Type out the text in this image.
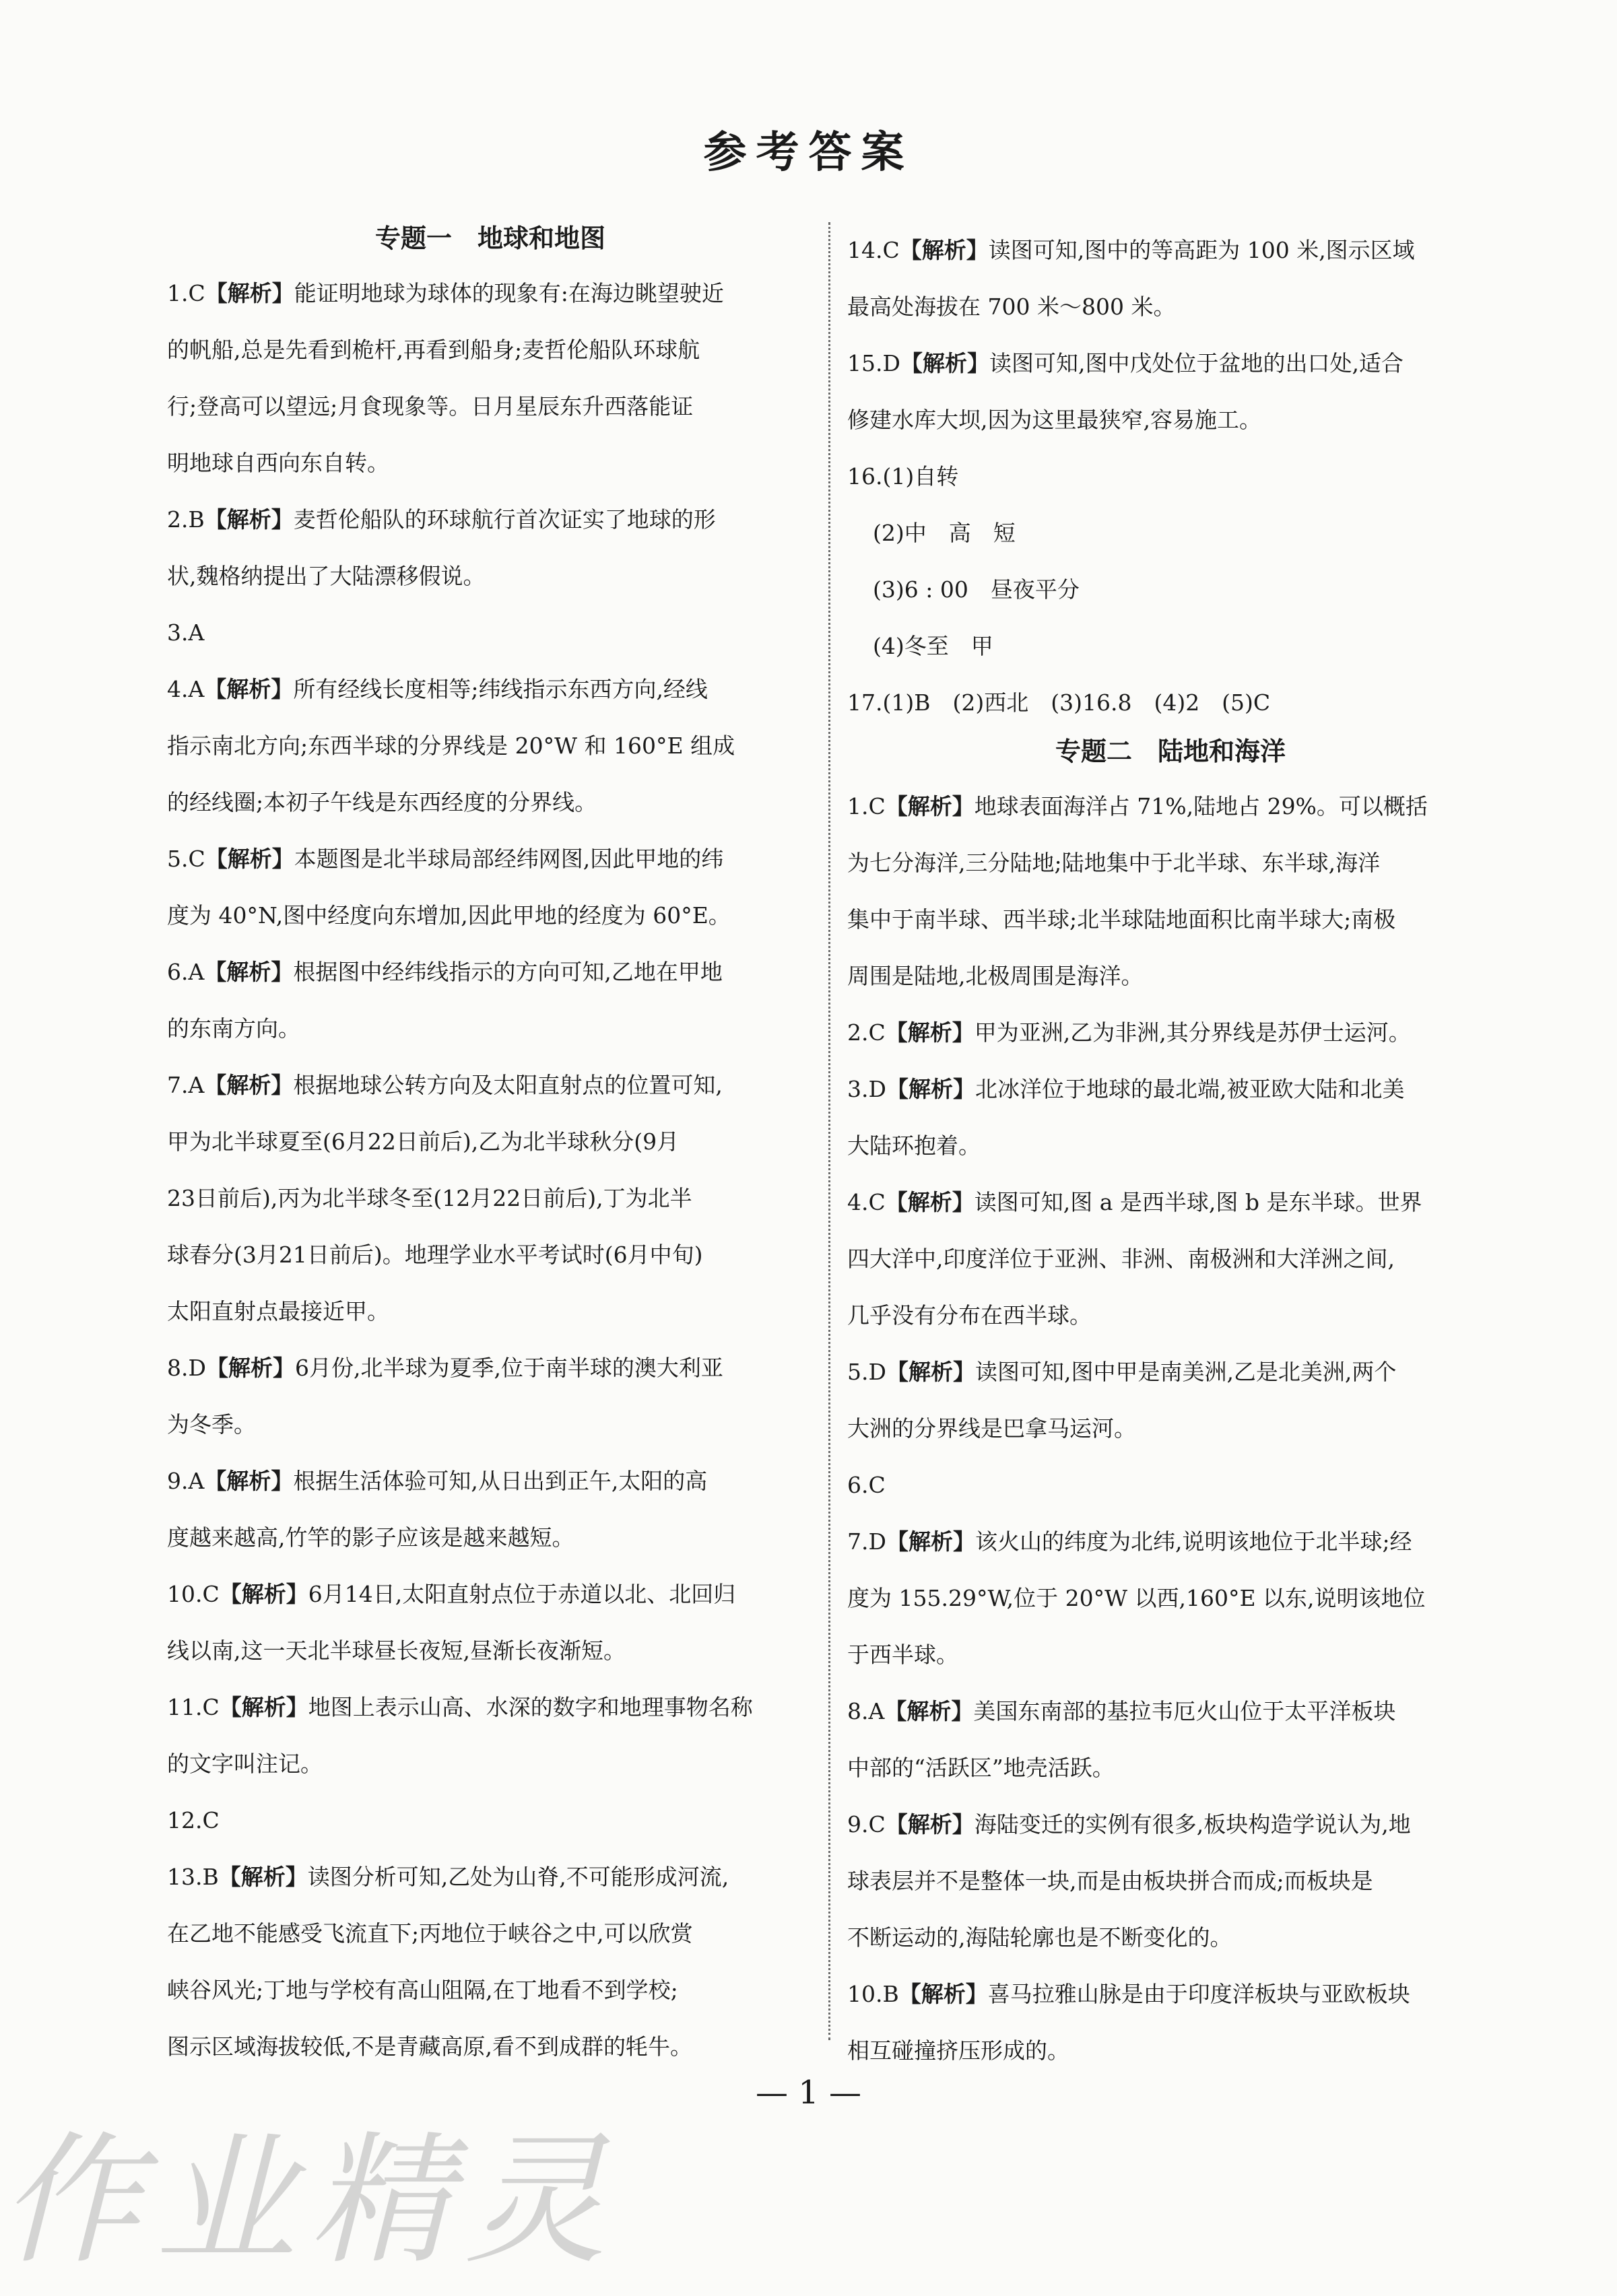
参考答案

专题一　地球和地图

1.C【解析】能证明地球为球体的现象有:在海边眺望驶近

的帆船,总是先看到桅杆,再看到船身;麦哲伦船队环球航

行;登高可以望远;月食现象等。日月星辰东升西落能证

明地球自西向东自转。

2.B【解析】麦哲伦船队的环球航行首次证实了地球的形

状,魏格纳提出了大陆漂移假说。

3.A

4.A【解析】所有经线长度相等;纬线指示东西方向,经线

指示南北方向;东西半球的分界线是 20°W 和 160°E 组成

的经线圈;本初子午线是东西经度的分界线。

5.C【解析】本题图是北半球局部经纬网图,因此甲地的纬

度为 40°N,图中经度向东增加,因此甲地的经度为 60°E。

6.A【解析】根据图中经纬线指示的方向可知,乙地在甲地

的东南方向。

7.A【解析】根据地球公转方向及太阳直射点的位置可知,

甲为北半球夏至(6月22日前后),乙为北半球秋分(9月

23日前后),丙为北半球冬至(12月22日前后),丁为北半

球春分(3月21日前后)。地理学业水平考试时(6月中旬)

太阳直射点最接近甲。

8.D【解析】6月份,北半球为夏季,位于南半球的澳大利亚

为冬季。

9.A【解析】根据生活体验可知,从日出到正午,太阳的高

度越来越高,竹竿的影子应该是越来越短。

10.C【解析】6月14日,太阳直射点位于赤道以北、北回归

线以南,这一天北半球昼长夜短,昼渐长夜渐短。

11.C【解析】地图上表示山高、水深的数字和地理事物名称

的文字叫注记。

12.C

13.B【解析】读图分析可知,乙处为山脊,不可能形成河流,

在乙地不能感受飞流直下;丙地位于峡谷之中,可以欣赏

峡谷风光;丁地与学校有高山阻隔,在丁地看不到学校;

图示区域海拔较低,不是青藏高原,看不到成群的牦牛。

14.C【解析】读图可知,图中的等高距为 100 米,图示区域

最高处海拔在 700 米～800 米。

15.D【解析】读图可知,图中戊处位于盆地的出口处,适合

修建水库大坝,因为这里最狭窄,容易施工。

16.(1)自转

(2)中　高　短

(3)6 : 00　昼夜平分

(4)冬至　甲

17.(1)B　(2)西北　(3)16.8　(4)2　(5)C

专题二　陆地和海洋

1.C【解析】地球表面海洋占 71%,陆地占 29%。可以概括

为七分海洋,三分陆地;陆地集中于北半球、东半球,海洋

集中于南半球、西半球;北半球陆地面积比南半球大;南极

周围是陆地,北极周围是海洋。

2.C【解析】甲为亚洲,乙为非洲,其分界线是苏伊士运河。

3.D【解析】北冰洋位于地球的最北端,被亚欧大陆和北美

大陆环抱着。

4.C【解析】读图可知,图 a 是西半球,图 b 是东半球。世界

四大洋中,印度洋位于亚洲、非洲、南极洲和大洋洲之间,

几乎没有分布在西半球。

5.D【解析】读图可知,图中甲是南美洲,乙是北美洲,两个

大洲的分界线是巴拿马运河。

6.C

7.D【解析】该火山的纬度为北纬,说明该地位于北半球;经

度为 155.29°W,位于 20°W 以西,160°E 以东,说明该地位

于西半球。

8.A【解析】美国东南部的基拉韦厄火山位于太平洋板块

中部的“活跃区”地壳活跃。

9.C【解析】海陆变迁的实例有很多,板块构造学说认为,地

球表层并不是整体一块,而是由板块拼合而成;而板块是

不断运动的,海陆轮廓也是不断变化的。

10.B【解析】喜马拉雅山脉是由于印度洋板块与亚欧板块

相互碰撞挤压形成的。

— 1 —
作业精灵
